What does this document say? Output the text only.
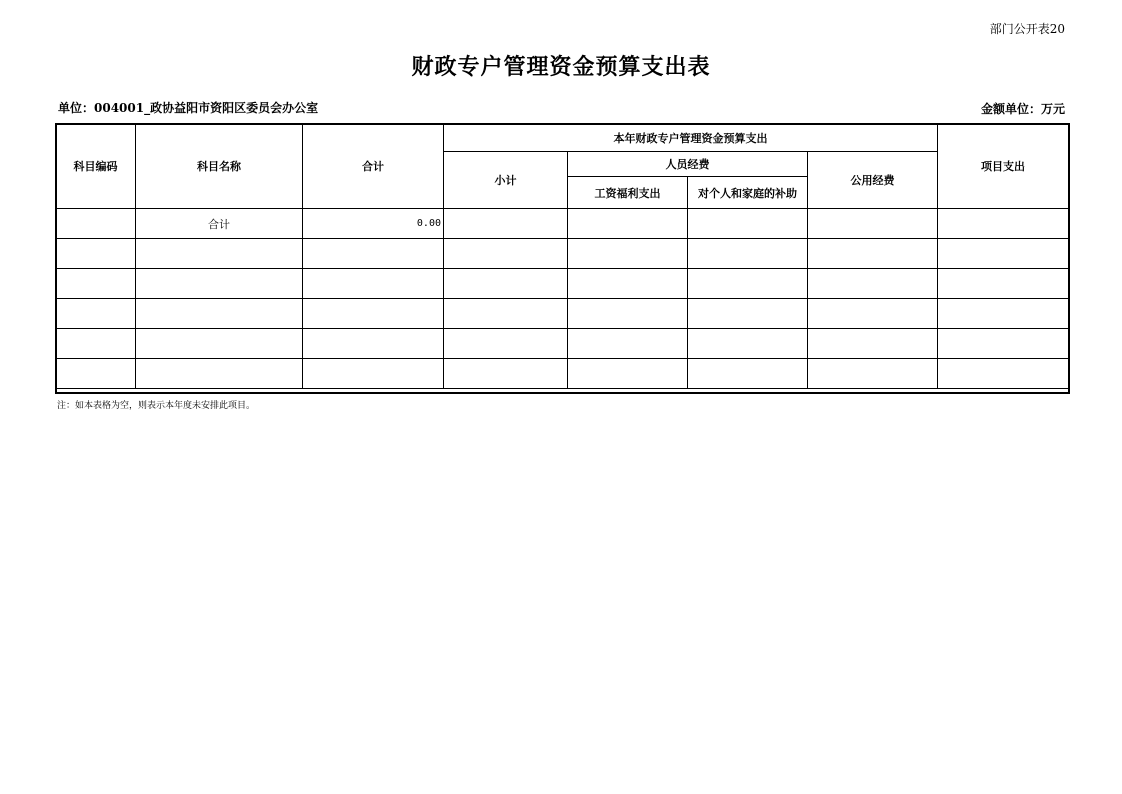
部门公开表20
财政专户管理资金预算支出表
单位：004001_政协益阳市资阳区委员会办公室	金额单位：万元
科目编码	科目名称	合计	本年财政专户管理资金预算支出				项目支出
			小计	人员经费		公用经费	
				工资福利支出	对个人和家庭的补助		
	合计	0.00					

注：如本表格为空，则表示本年度未安排此项目。
